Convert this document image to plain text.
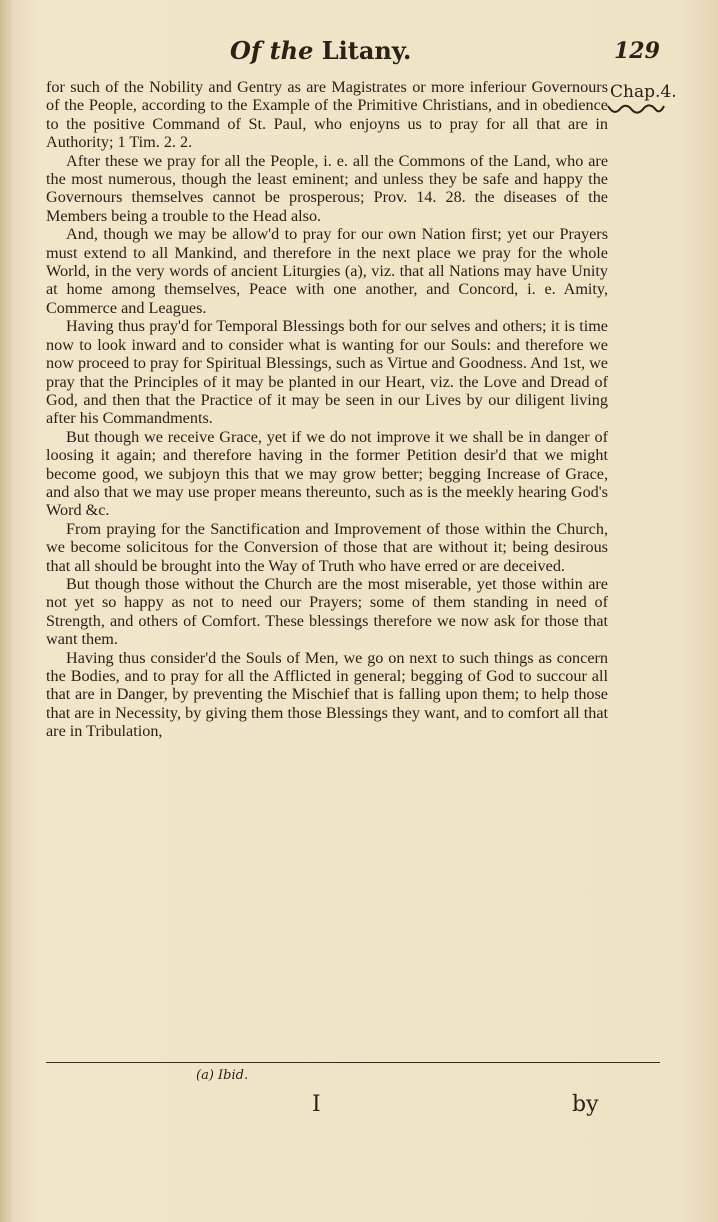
Of the Litany.	129
Chap.4.

for such of the Nobility and Gentry as are Magistrates or more inferiour Governours of the People, according to the Example of the Primitive Christians, and in obedience to the positive Command of St. Paul, who enjoyns us to pray for all that are in Authority; 1 Tim. 2. 2.

After these we pray for all the People, i. e. all the Commons of the Land, who are the most numerous, though the least eminent; and unless they be safe and happy the Governours themselves cannot be prosperous; Prov. 14. 28. the diseases of the Members being a trouble to the Head also.

And, though we may be allow'd to pray for our own Nation first; yet our Prayers must extend to all Mankind, and therefore in the next place we pray for the whole World, in the very words of ancient Liturgies (a), viz. that all Nations may have Unity at home among themselves, Peace with one another, and Concord, i. e. Amity, Commerce and Leagues.

Having thus pray'd for Temporal Blessings both for our selves and others; it is time now to look inward and to consider what is wanting for our Souls: and therefore we now proceed to pray for Spiritual Blessings, such as Virtue and Goodness. And 1st, we pray that the Principles of it may be planted in our Heart, viz. the Love and Dread of God, and then that the Practice of it may be seen in our Lives by our diligent living after his Commandments.

But though we receive Grace, yet if we do not improve it we shall be in danger of loosing it again; and therefore having in the former Petition desir'd that we might become good, we subjoyn this that we may grow better; begging Increase of Grace, and also that we may use proper means thereunto, such as is the meekly hearing God's Word &c.

From praying for the Sanctification and Improvement of those within the Church, we become solicitous for the Conversion of those that are without it; being desirous that all should be brought into the Way of Truth who have erred or are deceived.

But though those without the Church are the most miserable, yet those within are not yet so happy as not to need our Prayers; some of them standing in need of Strength, and others of Comfort. These blessings therefore we now ask for those that want them.

Having thus consider'd the Souls of Men, we go on next to such things as concern the Bodies, and to pray for all the Afflicted in general; begging of God to succour all that are in Danger, by preventing the Mischief that is falling upon them; to help those that are in Necessity, by giving them those Blessings they want, and to comfort all that are in Tribulation,

(a) Ibid.
I	by
